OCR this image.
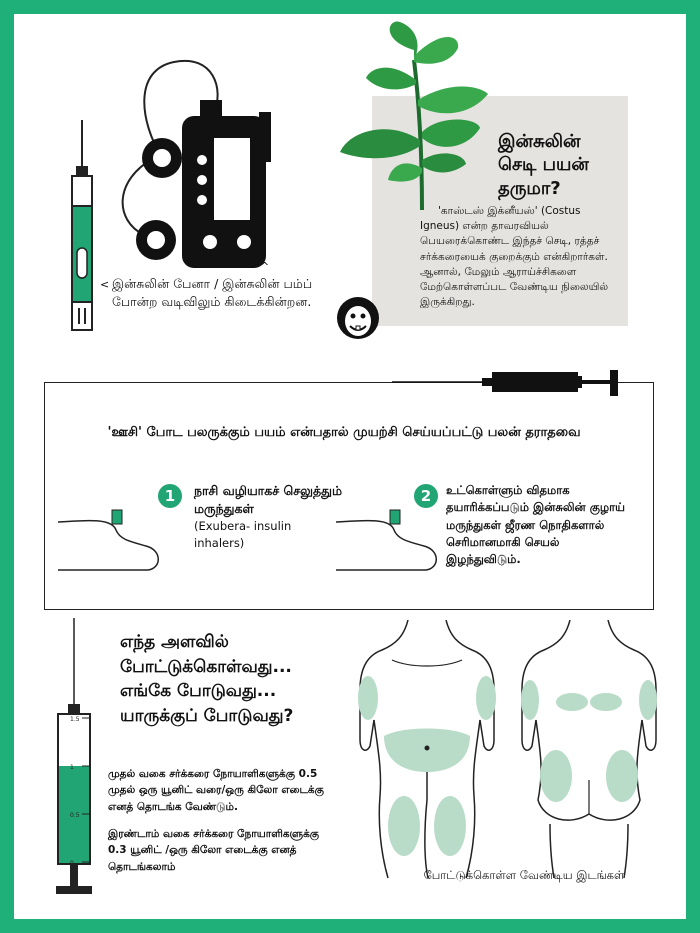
<
^
இன்சுலின் பேனா / இன்சுலின் பம்ப் போன்ற வடிவிலும் கிடைக்கின்றன.
இன்சுலின் செடி பயன் தருமா?
'காஸ்டஸ் இக்னீயஸ்' (Costus Igneus) என்ற தாவரவியல் பெயரைக்கொண்ட இந்தச் செடி, ரத்தச் சர்க்கரையைக் குறைக்கும் என்கிறார்கள். ஆனால், மேலும் ஆராய்ச்சிகளை மேற்கொள்ளப்பட வேண்டிய நிலையில் இருக்கிறது.
'ஊசி' போட பலருக்கும் பயம் என்பதால் முயற்சி செய்யப்பட்டு பலன் தராதவை
1	நாசி வழியாகச் செலுத்தும் மருந்துகள்
(Exubera- insulin inhalers)
2	உட்கொள்ளும் விதமாக தயாரிக்கப்படும் இன்சுலின் குழாய் மருந்துகள் ஜீரண நொதிகளால் செரிமானமாகி செயல் இழந்துவிடும்.
1.5
1
0.5
0
எந்த அளவில் போட்டுக்கொள்வது... எங்கே போடுவது... யாருக்குப் போடுவது?
முதல் வகை சர்க்கரை நோயாளிகளுக்கு 0.5 முதல் ஒரு யூனிட் வரை/ஒரு கிலோ எடைக்கு எனத் தொடங்க வேண்டும்.
இரண்டாம் வகை சர்க்கரை நோயாளிகளுக்கு 0.3 யூனிட் /ஒரு கிலோ எடைக்கு எனத் தொடங்கலாம்
போட்டுக்கொள்ள வேண்டிய இடங்கள்
